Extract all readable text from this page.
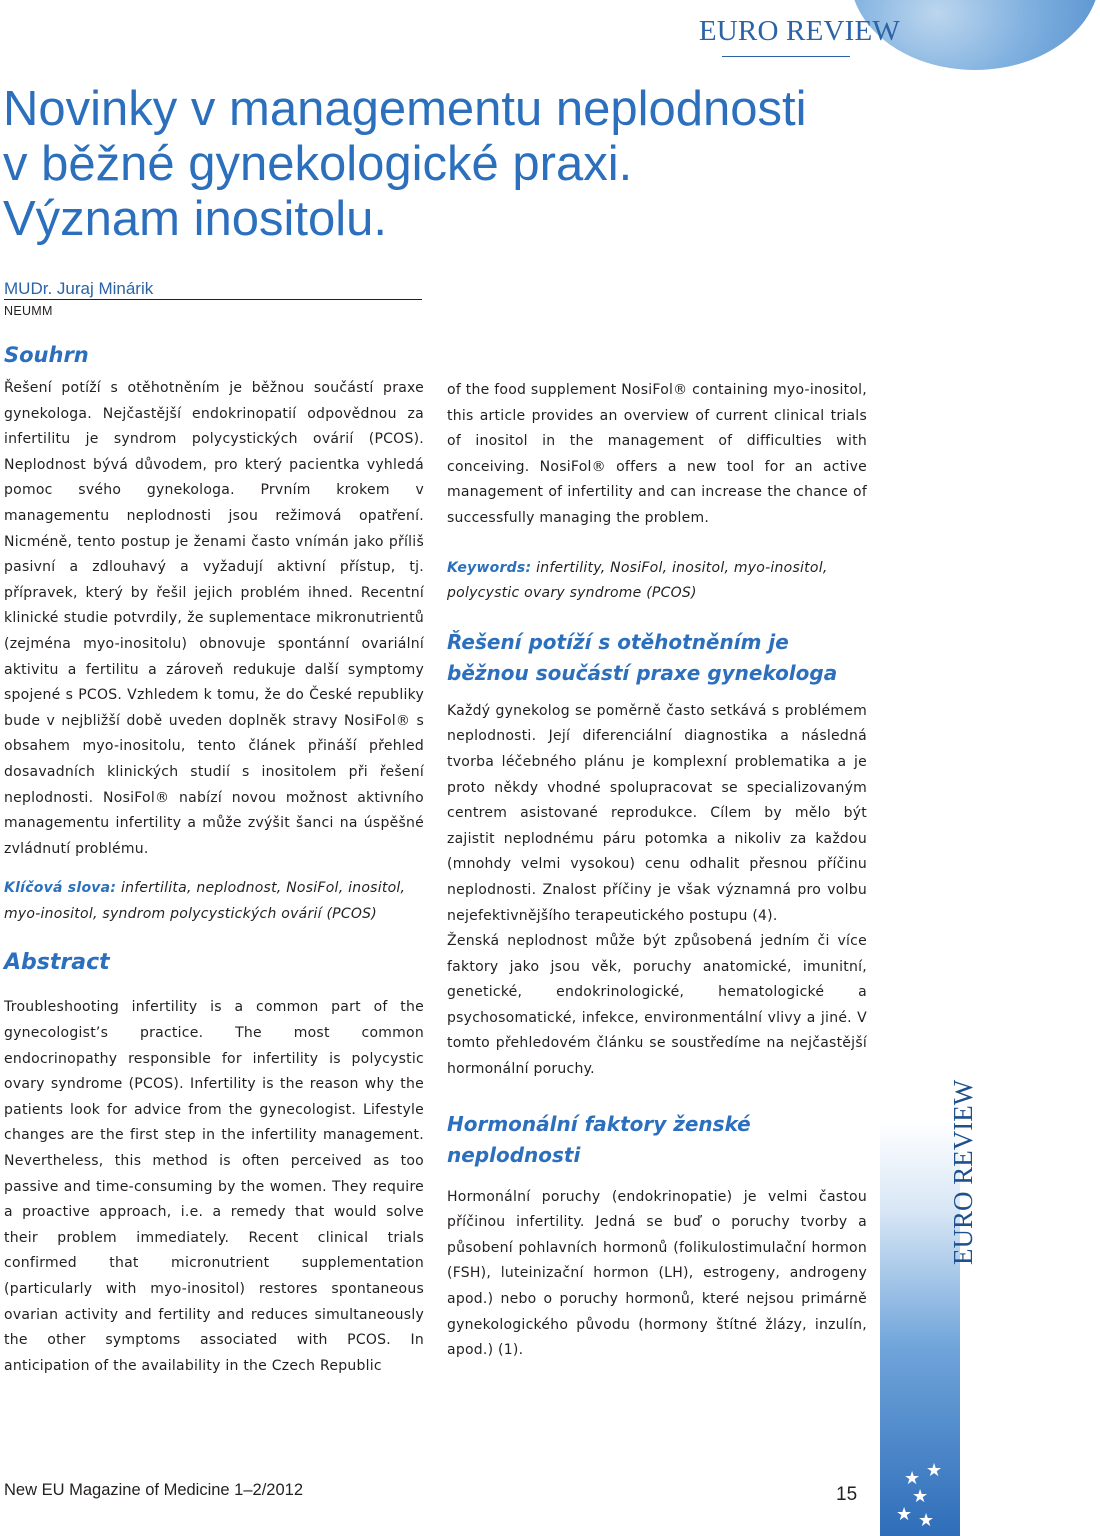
EURO REVIEW
Novinky v managementu neplodnosti
v běžné gynekologické praxi.
Význam inositolu.
MUDr. Juraj Minárik
NEUMM
Souhrn

Řešení potíží s otěhotněním je běžnou součástí praxe gynekologa. Nejčastější endokrinopatií odpovědnou za infertilitu je syndrom polycystických ovárií (PCOS). Neplodnost bývá důvodem, pro který pacientka vyhledá pomoc svého gynekologa. Prvním krokem v managementu neplodnosti jsou režimová opatření. Nicméně, tento postup je ženami často vnímán jako příliš pasivní a zdlouhavý a vyžadují aktivní přístup, tj. přípravek, který by řešil jejich problém ihned. Recentní klinické studie potvrdily, že suplementace mikronutrientů (zejména myo-inositolu) obnovuje spontánní ovariální aktivitu a fertilitu a zároveň redukuje další symptomy spojené s PCOS. Vzhledem k tomu, že do České republiky bude v nejbližší době uveden doplněk stravy NosiFol® s obsahem myo-inositolu, tento článek přináší přehled dosavadních klinických studií s inositolem při řešení neplodnosti. NosiFol® nabízí novou možnost aktivního managementu infertility a může zvýšit šanci na úspěšné zvládnutí problému.

Klíčová slova: infertilita, neplodnost, NosiFol, inositol, myo-inositol, syndrom polycystických ovárií (PCOS)

Abstract

Troubleshooting infertility is a common part of the gynecologist’s practice. The most common endocrinopathy responsible for infertility is polycystic ovary syndrome (PCOS). Infertility is the reason why the patients look for advice from the gynecologist. Lifestyle changes are the first step in the infertility management. Nevertheless, this method is often perceived as too passive and time-consuming by the women. They require a proactive approach, i.e. a remedy that would solve their problem immediately. Recent clinical trials confirmed that micronutrient supplementation (particularly with myo-inositol) restores spontaneous ovarian activity and fertility and reduces simultaneously the other symptoms associated with PCOS. In anticipation of the availability in the Czech Republic

of the food supplement NosiFol® containing myo-inositol, this article provides an overview of current clinical trials of inositol in the management of difficulties with conceiving. NosiFol® offers a new tool for an active management of infertility and can increase the chance of successfully managing the problem.

Keywords: infertility, NosiFol, inositol, myo-inositol, polycystic ovary syndrome (PCOS)

Řešení potíží s otěhotněním je běžnou součástí praxe gynekologa

Každý gynekolog se poměrně často setkává s problémem neplodnosti. Její diferenciální diagnostika a následná tvorba léčebného plánu je komplexní problematika a je proto někdy vhodné spolupracovat se specializovaným centrem asistované reprodukce. Cílem by mělo být zajistit neplodnému páru potomka a nikoliv za každou (mnohdy velmi vysokou) cenu odhalit přesnou příčinu neplodnosti. Znalost příčiny je však významná pro volbu nejefektivnějšího terapeutického postupu (4).

Ženská neplodnost může být způsobená jedním či více faktory jako jsou věk, poruchy anatomické, imunitní, genetické, endokrinologické, hematologické a psychosomatické, infekce, environmentální vlivy a jiné. V tomto přehledovém článku se soustředíme na nejčastější hormonální poruchy.

Hormonální faktory ženské neplodnosti

Hormonální poruchy (endokrinopatie) je velmi častou příčinou infertility. Jedná se buď o poruchy tvorby a působení pohlavních hormonů (folikulostimulační hormon (FSH), luteinizační hormon (LH), estrogeny, androgeny apod.) nebo o poruchy hormonů, které nejsou primárně gynekologického původu (hormony štítné žlázy, inzulín, apod.) (1).

EURO REVIEW
★
★
★
★ ★
New EU Magazine of Medicine 1–2/2012	15
